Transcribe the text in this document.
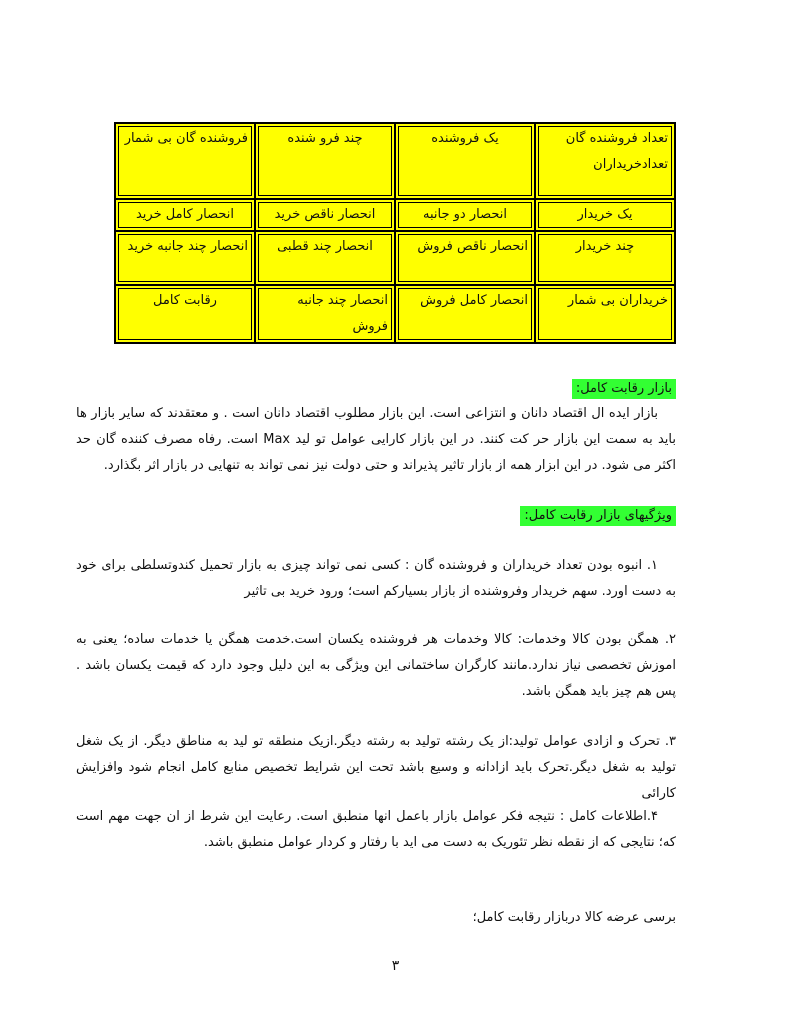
تعداد فروشنده گان تعدادخریداران	یک فروشنده	چند فرو شنده	فروشنده گان بی شمار
یک خریدار	انحصار دو جانبه	انحصار ناقص خرید	انحصار کامل خرید
چند خریدار	انحصار ناقص فروش	انحصار چند قطبی	انحصار چند جانبه خرید
خریداران بی شمار	انحصار کامل فروش	انحصار چند جانبه فروش	رقابت کامل
بازار رقابت کامل:
بازار ایده ال اقتصاد دانان و انتزاعی است. این بازار مطلوب اقتصاد دانان است . و معتقدند که سایر بازار ها باید به سمت این بازار حر کت کنند. در این بازار کارایی عوامل تو لید Max است. رفاه مصرف کننده گان حد اکثر می شود. در این ابزار همه از بازار تاثیر پذیراند و حتی دولت نیز نمی تواند به تنهایی در بازار اثر بگذارد.
ویژگیهای بازار رقابت کامل:
۱. انبوه بودن تعداد خریداران و فروشنده گان : کسی نمی تواند چیزی به بازار تحمیل کندوتسلطی برای خود به دست اورد. سهم خریدار وفروشنده از بازار بسیارکم است؛ ورود خرید بی تاثیر
۲. همگن بودن کالا وخدمات: کالا وخدمات هر فروشنده یکسان است.خدمت همگن یا خدمات ساده؛ یعنی به اموزش تخصصی نیاز ندارد.مانند کارگران ساختمانی این ویژگی به این دلیل وجود دارد که قیمت یکسان باشد . پس هم چیز باید همگن باشد.
۳. تحرک و ازادی عوامل تولید:از یک رشته تولید به رشته دیگر.ازیک منطقه تو لید به مناطق دیگر. از یک شغل تولید به شغل دیگر.تحرک باید ازادانه و وسیع باشد تحت این شرایط تخصیص منابع کامل انجام شود وافزایش کارائی
۴.اطلاعات کامل : نتیجه فکر عوامل بازار باعمل انها منطبق است. رعایت این شرط از ان جهت مهم است که؛ نتایجی که از نقطه نظر تئوریک به دست می اید با رفتار و کردار عوامل منطبق باشد.
برسی عرضه کالا دربازار رقابت کامل؛
۳
